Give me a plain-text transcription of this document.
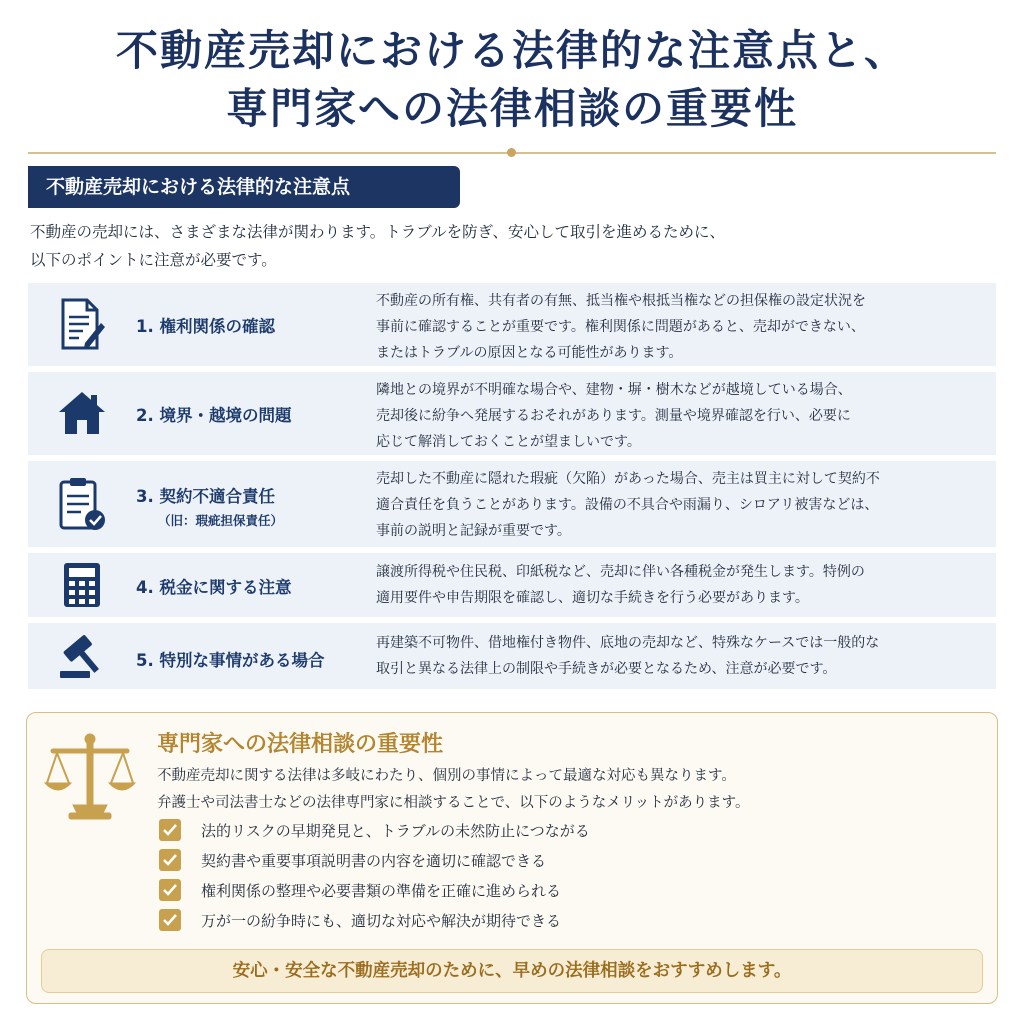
不動産売却における法律的な注意点と、
専門家への法律相談の重要性
不動産売却における法律的な注意点
不動産の売却には、さまざまな法律が関わります。トラブルを防ぎ、安心して取引を進めるために、
以下のポイントに注意が必要です。
1. 権利関係の確認
不動産の所有権、共有者の有無、抵当権や根抵当権などの担保権の設定状況を
事前に確認することが重要です。権利関係に問題があると、売却ができない、
またはトラブルの原因となる可能性があります。
2. 境界・越境の問題
隣地との境界が不明確な場合や、建物・塀・樹木などが越境している場合、
売却後に紛争へ発展するおそれがあります。測量や境界確認を行い、必要に
応じて解消しておくことが望ましいです。
3. 契約不適合責任
（旧：瑕疵担保責任）
売却した不動産に隠れた瑕疵（欠陥）があった場合、売主は買主に対して契約不
適合責任を負うことがあります。設備の不具合や雨漏り、シロアリ被害などは、
事前の説明と記録が重要です。
4. 税金に関する注意
譲渡所得税や住民税、印紙税など、売却に伴い各種税金が発生します。特例の
適用要件や申告期限を確認し、適切な手続きを行う必要があります。
5. 特別な事情がある場合
再建築不可物件、借地権付き物件、底地の売却など、特殊なケースでは一般的な
取引と異なる法律上の制限や手続きが必要となるため、注意が必要です。
専門家への法律相談の重要性
不動産売却に関する法律は多岐にわたり、個別の事情によって最適な対応も異なります。
弁護士や司法書士などの法律専門家に相談することで、以下のようなメリットがあります。
法的リスクの早期発見と、トラブルの未然防止につながる
契約書や重要事項説明書の内容を適切に確認できる
権利関係の整理や必要書類の準備を正確に進められる
万が一の紛争時にも、適切な対応や解決が期待できる
安心・安全な不動産売却のために、早めの法律相談をおすすめします。
